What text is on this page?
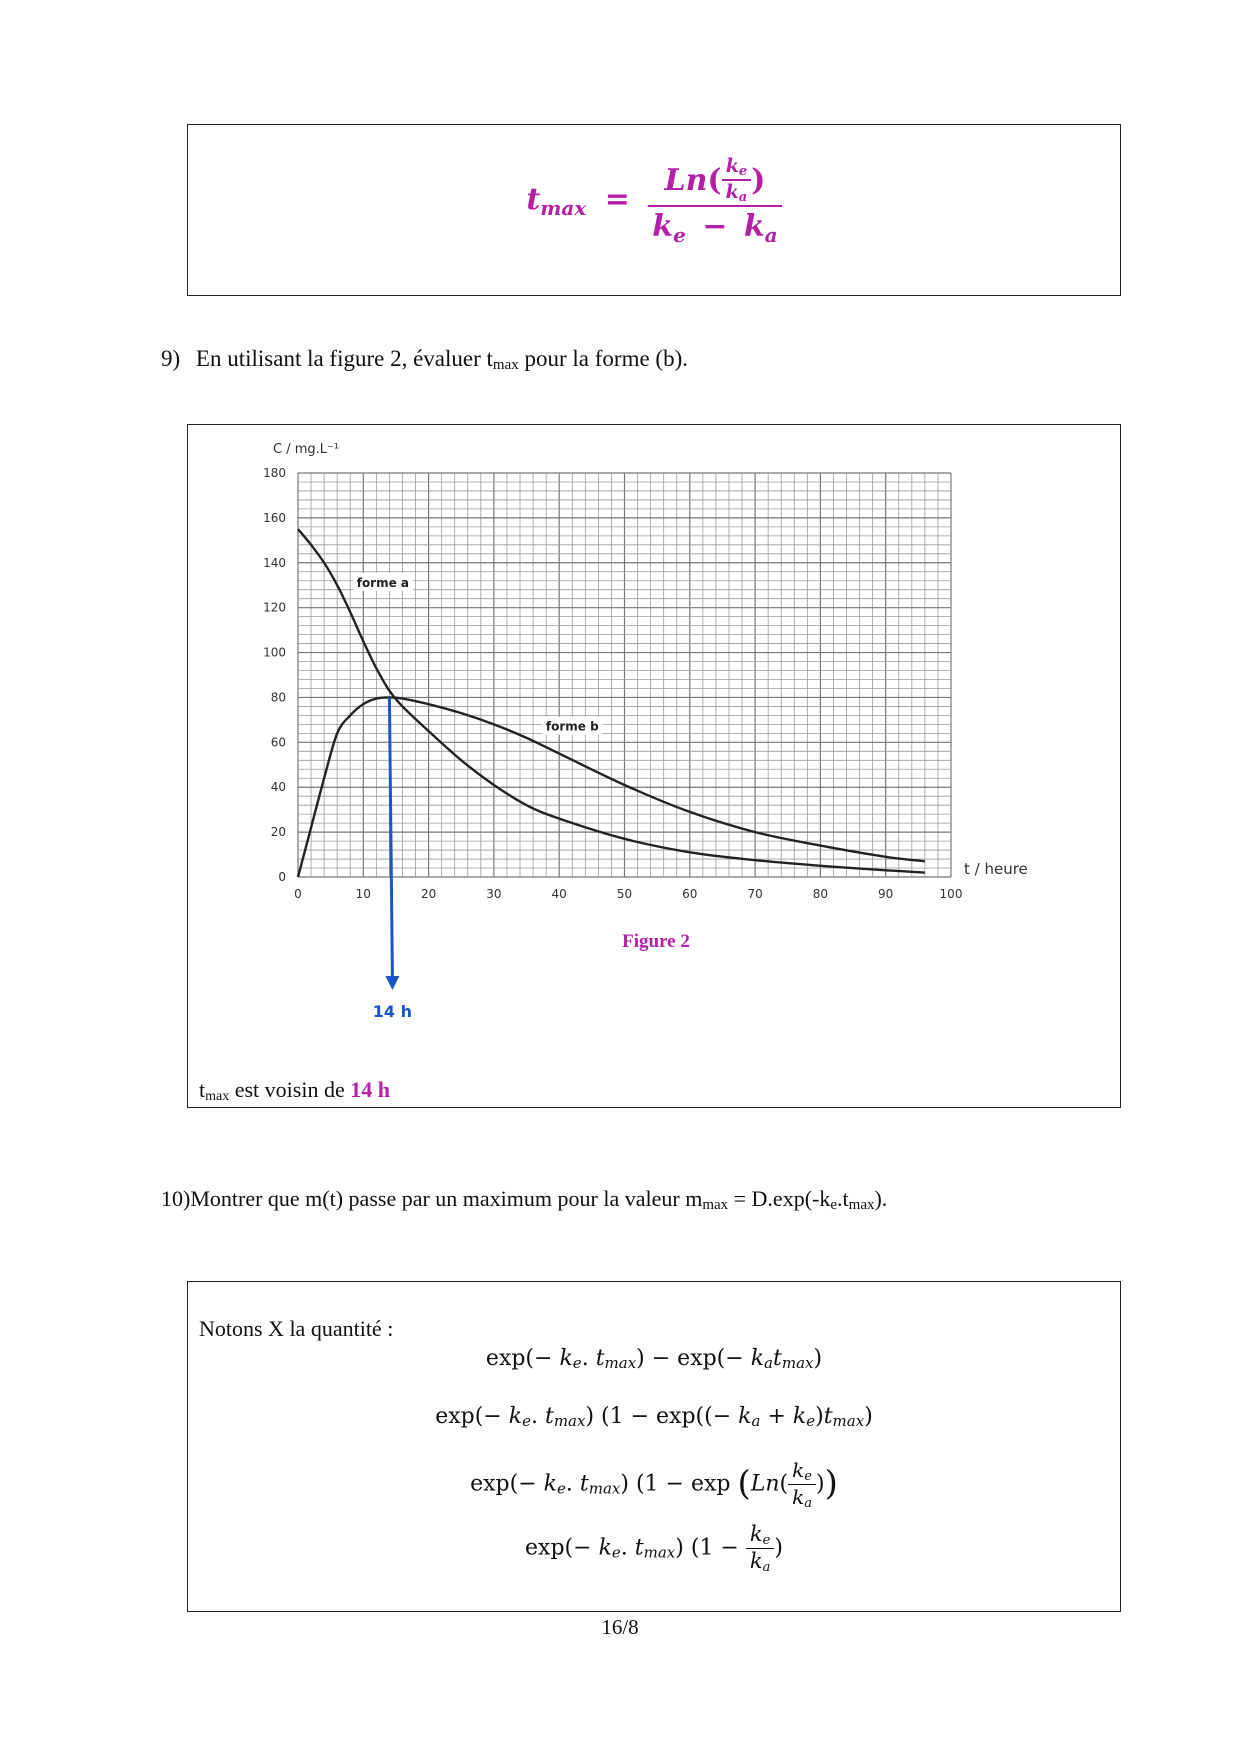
$t_{max} = \frac{Ln ( \frac{ke}{ka} )}{k_e - k_a}$
9) En utilisant la figure 2, évaluer $t_{max}$ pour la forme (b).
0
20
40
60
80
100
120
140
160
180
0	10	20	30	40	50	60	70	80	90	100
C / mg.L⁻¹
t / heure
forme a
forme b
14 h
Figure 2
tmax est voisin de 14 h
10)Montrer que m(t) passe par un maximum pour la valeur $m_{max} = D.\exp(-k_e.t_{max})$.
Notons X la quantité :
$\exp(- k_e$. $t_{max}) - \exp(- k_at_{max})$
$\exp(- k_e$. $t_{max}$) ($1 - \exp((- k_a + k_e)t_{max})$
$\exp(- k_e$. $t_{max}$) ($1 - \exp (Ln( \frac{k_e}{k_a}$ ))
$\exp(- k_e$. $t_{max}$) ($1 - \frac{k_e}{k_a}$ )
16/8
